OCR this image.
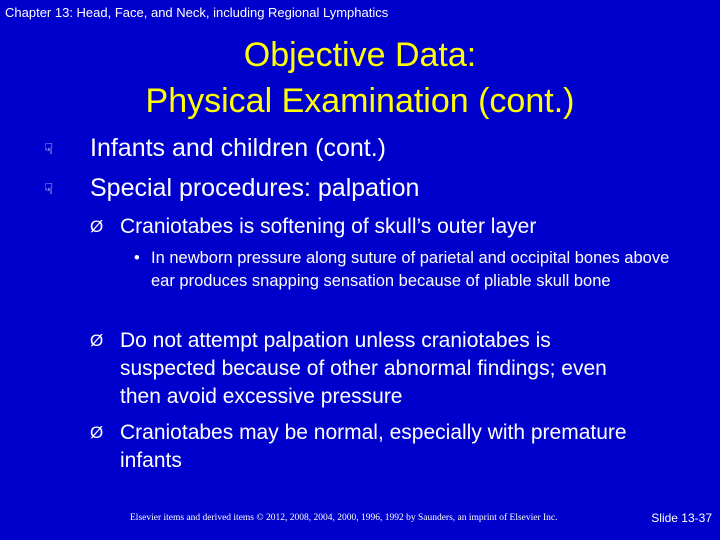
Chapter 13: Head, Face, and Neck, including Regional Lymphatics
Objective Data:
Physical Examination (cont.)
☟ Infants and children (cont.)
☟ Special procedures: palpation
Ø Craniotabes is softening of skull’s outer layer
• In newborn pressure along suture of parietal and occipital bones above ear produces snapping sensation because of pliable skull bone
Ø Do not attempt palpation unless craniotabes is suspected because of other abnormal findings; even then avoid excessive pressure
Ø Craniotabes may be normal, especially with premature infants
Elsevier items and derived items © 2012, 2008, 2004, 2000, 1996, 1992 by Saunders, an imprint of Elsevier Inc.	Slide 13-37
